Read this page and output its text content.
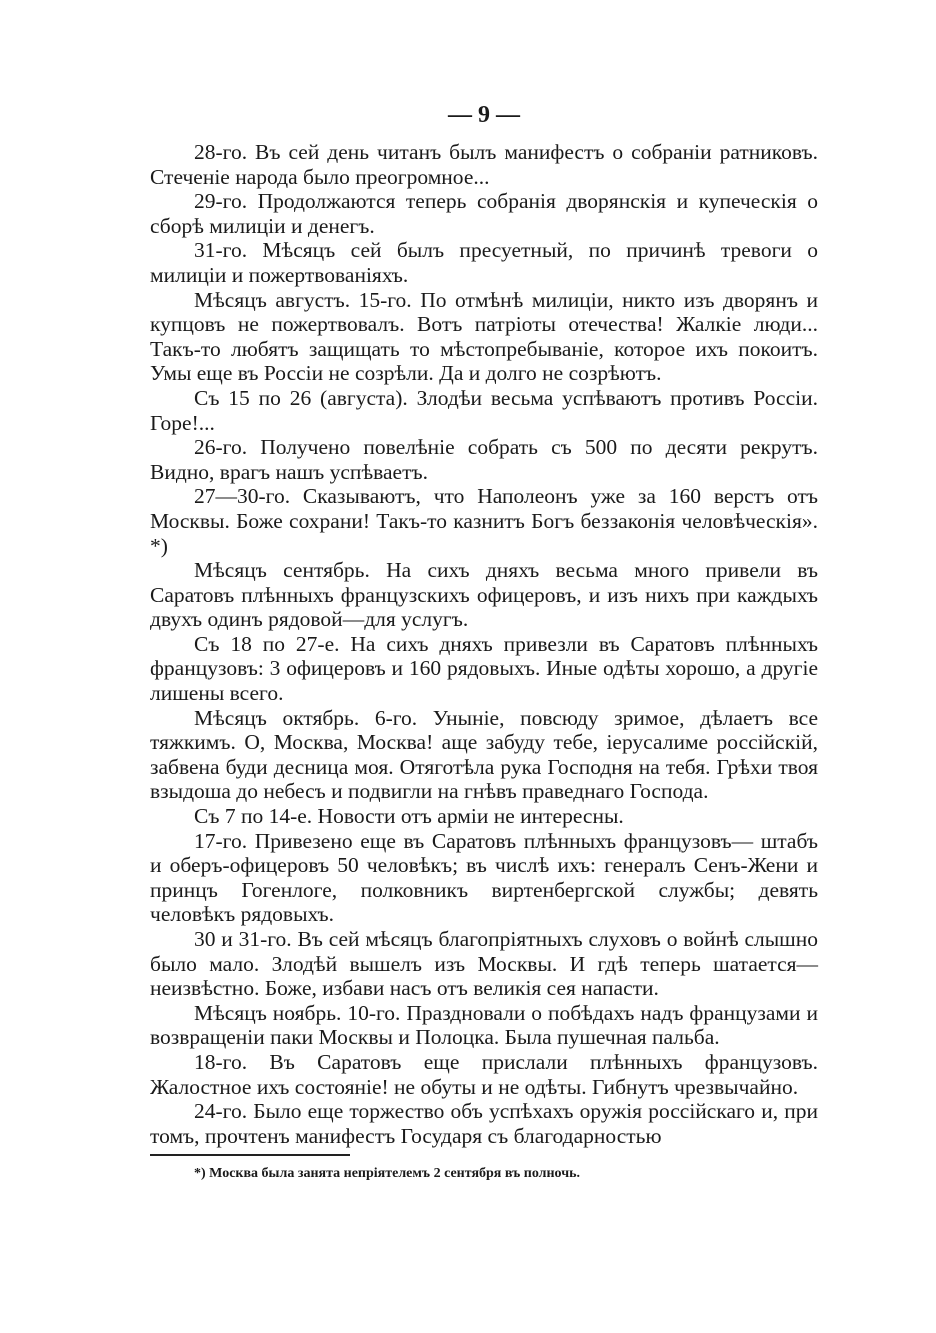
— 9 —

28-го. Въ сей день читанъ былъ манифестъ о собраніи ратниковъ. Стеченіе народа было преогромное...

29-го. Продолжаются теперь собранія дворянскія и купеческія о сборѣ милиціи и денегъ.

31-го. Мѣсяцъ сей былъ пресуетный, по причинѣ тревоги о милиціи и пожертвованіяхъ.

Мѣсяцъ августъ. 15-го. По отмѣнѣ милиціи, никто изъ дворянъ и купцовъ не пожертвовалъ. Вотъ патріоты отечества! Жалкіе люди... Такъ-то любятъ защищать то мѣстопребываніе, которое ихъ покоитъ. Умы еще въ Россіи не созрѣли. Да и долго не созрѣютъ.

Съ 15 по 26 (августа). Злодѣи весьма успѣваютъ противъ Россіи. Горе!...

26-го. Получено повелѣніе собрать съ 500 по десяти рекрутъ. Видно, врагъ нашъ успѣваетъ.

27—30-го. Сказываютъ, что Наполеонъ уже за 160 верстъ отъ Москвы. Боже сохрани! Такъ-то казнитъ Богъ беззаконія человѣческія». *)

Мѣсяцъ сентябрь. На сихъ дняхъ весьма много привели въ Саратовъ плѣнныхъ французскихъ офицеровъ, и изъ нихъ при каждыхъ двухъ одинъ рядовой—для услугъ.

Съ 18 по 27-е. На сихъ дняхъ привезли въ Саратовъ плѣнныхъ французовъ: 3 офицеровъ и 160 рядовыхъ. Иные одѣты хорошо, а другіе лишены всего.

Мѣсяцъ октябрь. 6-го. Уныніе, повсюду зримое, дѣлаетъ все тяжкимъ. О, Москва, Москва! аще забуду тебе, іерусалиме россійскій, забвена буди десница моя. Отяготѣла рука Господня на тебя. Грѣхи твоя взыдоша до небесъ и подвигли на гнѣвъ праведнаго Господа.

Съ 7 по 14-е. Новости отъ арміи не интересны.

17-го. Привезено еще въ Саратовъ плѣнныхъ французовъ— штабъ и оберъ-офицеровъ 50 человѣкъ; въ числѣ ихъ: генералъ Сенъ-Жени и принцъ Гогенлоге, полковникъ виртенбергской службы; девять человѣкъ рядовыхъ.

30 и 31-го. Въ сей мѣсяцъ благопріятныхъ слуховъ о войнѣ слышно было мало. Злодѣй вышелъ изъ Москвы. И гдѣ теперь шатается—неизвѣстно. Боже, избави насъ отъ великія сея напасти.

Мѣсяцъ ноябрь. 10-го. Праздновали о побѣдахъ надъ французами и возвращеніи паки Москвы и Полоцка. Была пушечная пальба.

18-го. Въ Саратовъ еще прислали плѣнныхъ французовъ. Жалостное ихъ состояніе! не обуты и не одѣты. Гибнутъ чрезвычайно.

24-го. Было еще торжество объ успѣхахъ оружія россійскаго и, при томъ, прочтенъ манифестъ Государя съ благодарностью

*) Москва была занята непріятелемъ 2 сентября въ полночь.
